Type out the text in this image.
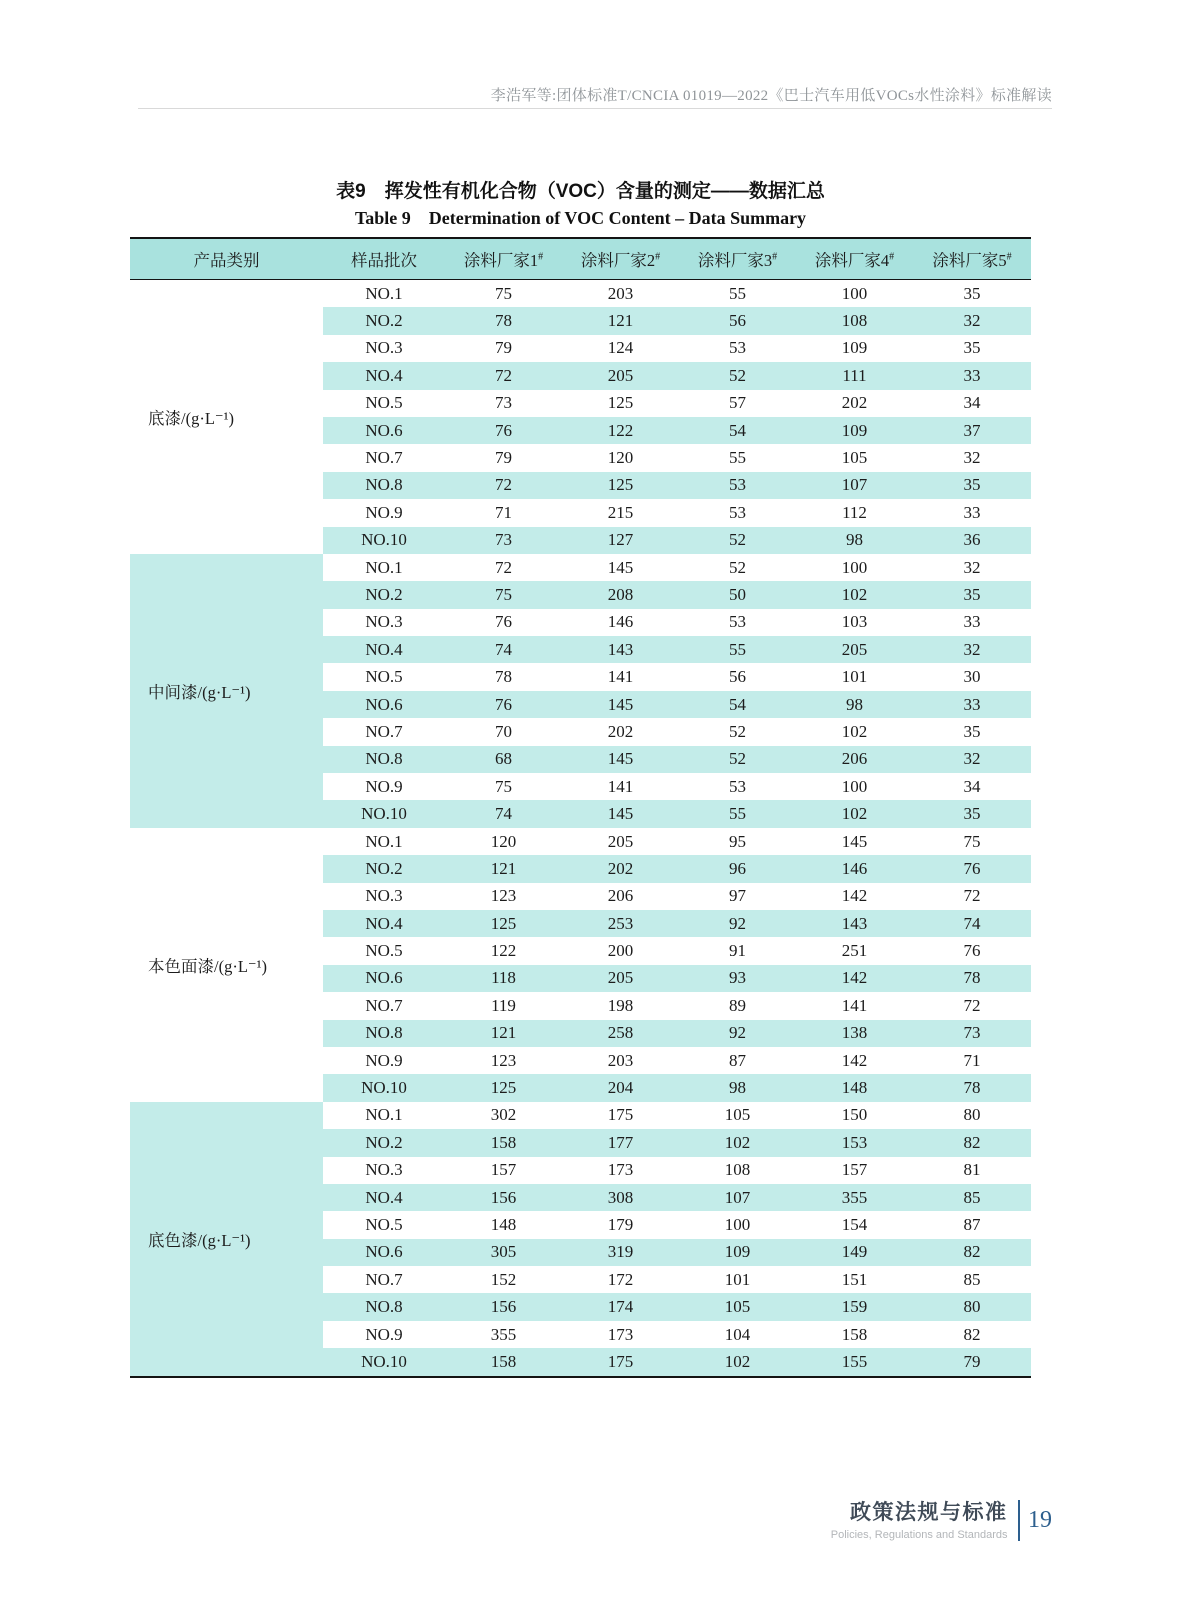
李浩军等:团体标准T/CNCIA 01019—2022《巴士汽车用低VOCs水性涂料》标准解读
表9　挥发性有机化合物（VOC）含量的测定——数据汇总
Table 9　Determination of VOC Content – Data Summary
产品类别	样品批次	涂料厂家1#	涂料厂家2#	涂料厂家3#	涂料厂家4#	涂料厂家5#
底漆/(g·L⁻¹)	NO.1	75	203	55	100	35
	NO.2	78	121	56	108	32
	NO.3	79	124	53	109	35
	NO.4	72	205	52	111	33
	NO.5	73	125	57	202	34
	NO.6	76	122	54	109	37
	NO.7	79	120	55	105	32
	NO.8	72	125	53	107	35
	NO.9	71	215	53	112	33
	NO.10	73	127	52	98	36
中间漆/(g·L⁻¹)	NO.1	72	145	52	100	32
	NO.2	75	208	50	102	35
	NO.3	76	146	53	103	33
	NO.4	74	143	55	205	32
	NO.5	78	141	56	101	30
	NO.6	76	145	54	98	33
	NO.7	70	202	52	102	35
	NO.8	68	145	52	206	32
	NO.9	75	141	53	100	34
	NO.10	74	145	55	102	35
本色面漆/(g·L⁻¹)	NO.1	120	205	95	145	75
	NO.2	121	202	96	146	76
	NO.3	123	206	97	142	72
	NO.4	125	253	92	143	74
	NO.5	122	200	91	251	76
	NO.6	118	205	93	142	78
	NO.7	119	198	89	141	72
	NO.8	121	258	92	138	73
	NO.9	123	203	87	142	71
	NO.10	125	204	98	148	78
底色漆/(g·L⁻¹)	NO.1	302	175	105	150	80
	NO.2	158	177	102	153	82
	NO.3	157	173	108	157	81
	NO.4	156	308	107	355	85
	NO.5	148	179	100	154	87
	NO.6	305	319	109	149	82
	NO.7	152	172	101	151	85
	NO.8	156	174	105	159	80
	NO.9	355	173	104	158	82
	NO.10	158	175	102	155	79
政策法规与标准
Policies, Regulations and Standards
19
